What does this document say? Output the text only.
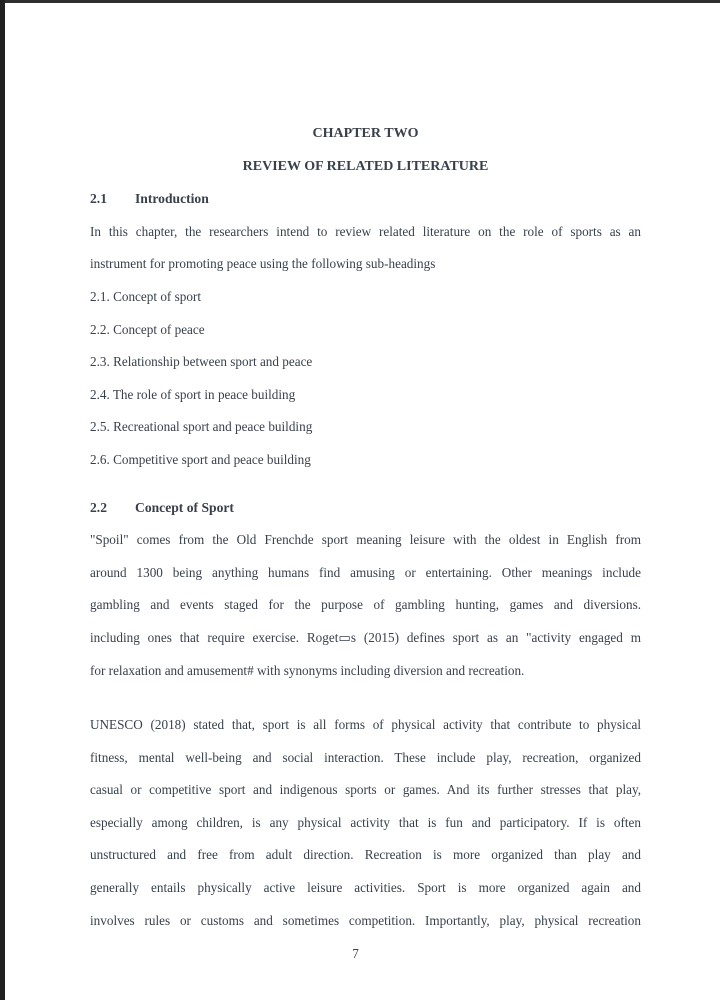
CHAPTER TWO
REVIEW OF RELATED LITERATURE
2.1	Introduction
In this chapter, the researchers intend to review related literature on the role of sports as an
instrument for promoting peace using the following sub-headings
2.1. Concept of sport
2.2. Concept of peace
2.3. Relationship between sport and peace
2.4. The role of sport in peace building
2.5. Recreational sport and peace building
2.6. Competitive sport and peace building
2.2	Concept of Sport
"Spoil" comes from the Old Frenchde sport meaning leisure with the oldest in English from
around 1300 being anything humans find amusing or entertaining. Other meanings include
gambling and events staged for the purpose of gambling hunting, games and diversions.
including ones that require exercise. Roget▭s (2015) defines sport as an "activity engaged m
for relaxation and amusement# with synonyms including diversion and recreation.
UNESCO (2018) stated that, sport is all forms of physical activity that contribute to physical
fitness, mental well-being and social interaction. These include play, recreation, organized
casual or competitive sport and indigenous sports or games. And its further stresses that play,
especially among children, is any physical activity that is fun and participatory. If is often
unstructured and free from adult direction. Recreation is more organized than play and
generally entails physically active leisure activities. Sport is more organized again and
involves rules or customs and sometimes competition. Importantly, play, physical recreation
7
